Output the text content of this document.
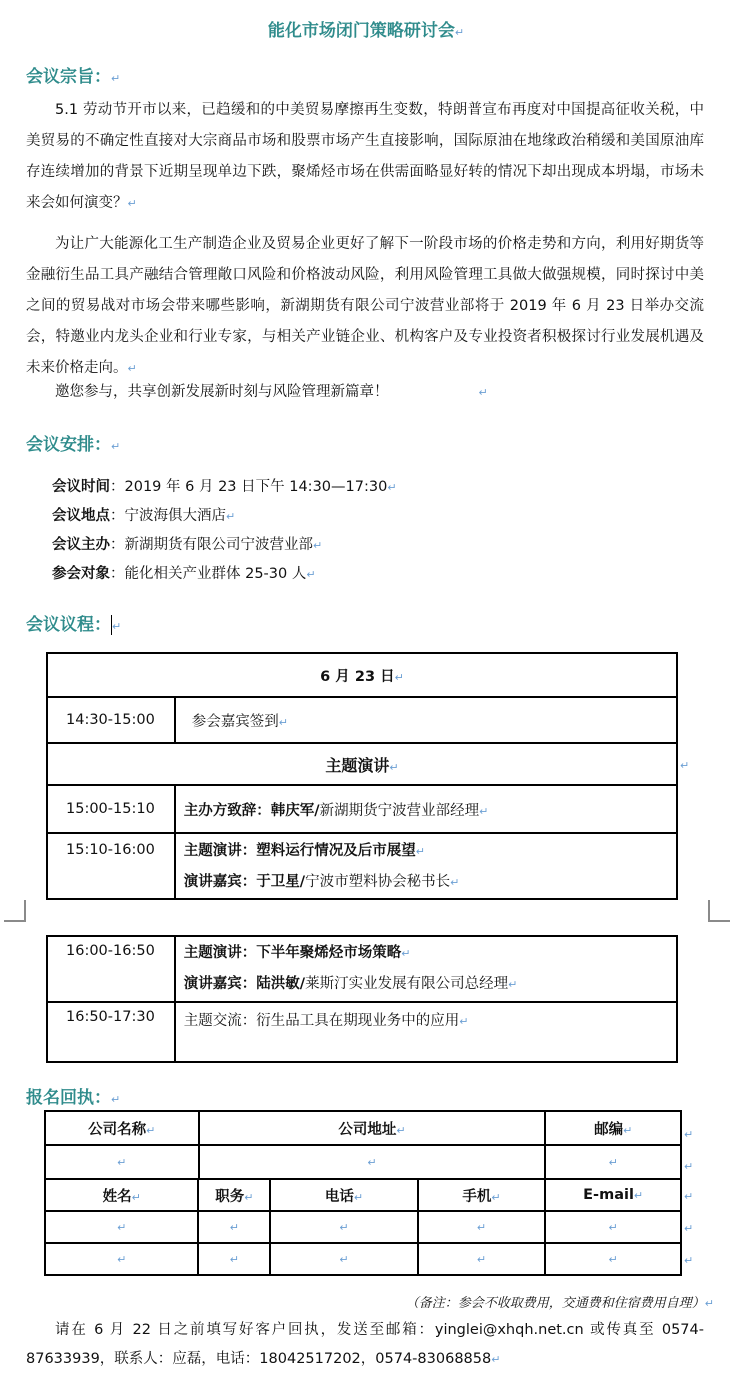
能化市场闭门策略研讨会↵
会议宗旨：↵
5.1 劳动节开市以来，已趋缓和的中美贸易摩擦再生变数，特朗普宣布再度对中国提高征收关税，中美贸易的不确定性直接对大宗商品市场和股票市场产生直接影响，国际原油在地缘政治稍缓和美国原油库存连续增加的背景下近期呈现单边下跌，聚烯烃市场在供需面略显好转的情况下却出现成本坍塌，市场未来会如何演变？↵
为让广大能源化工生产制造企业及贸易企业更好了解下一阶段市场的价格走势和方向，利用好期货等金融衍生品工具产融结合管理敞口风险和价格波动风险，利用风险管理工具做大做强规模，同时探讨中美之间的贸易战对市场会带来哪些影响，新湖期货有限公司宁波营业部将于 2019 年 6 月 23 日举办交流会，特邀业内龙头企业和行业专家，与相关产业链企业、机构客户及专业投资者积极探讨行业发展机遇及未来价格走向。↵
邀您参与，共享创新发展新时刻与风险管理新篇章！	↵
会议安排：↵
会议时间：2019 年 6 月 23 日下午 14:30—17:30↵
会议地点：宁波海俱大酒店↵
会议主办：新湖期货有限公司宁波营业部↵
参会对象：能化相关产业群体 25-30 人↵
会议议程：↵
6 月 23 日↵	
14:30-15:00	参会嘉宾签到↵
主题演讲↵	
15:00-15:10	主办方致辞：韩庆军/新湖期货宁波营业部经理↵
15:10-16:00	主题演讲：塑料运行情况及后市展望↵
演讲嘉宾：于卫星/宁波市塑料协会秘书长↵
↵
16:00-16:50	主题演讲：下半年聚烯烃市场策略↵
演讲嘉宾：陆洪敏/莱斯汀实业发展有限公司总经理↵

16:50-17:30	主题交流：衍生品工具在期现业务中的应用↵
报名回执：↵
公司名称↵	公司地址↵	邮编↵
↵	↵	↵
姓名↵	职务↵	电话↵	手机↵	E-mail↵
↵	↵	↵	↵	↵
↵	↵	↵	↵	↵
↵
↵
↵
↵
↵
（备注：参会不收取费用，交通费和住宿费用自理）↵
请在 6 月 22 日之前填写好客户回执，发送至邮箱：yinglei@xhqh.net.cn 或传真至 0574-87633939，联系人：应磊，电话：18042517202，0574-83068858↵
